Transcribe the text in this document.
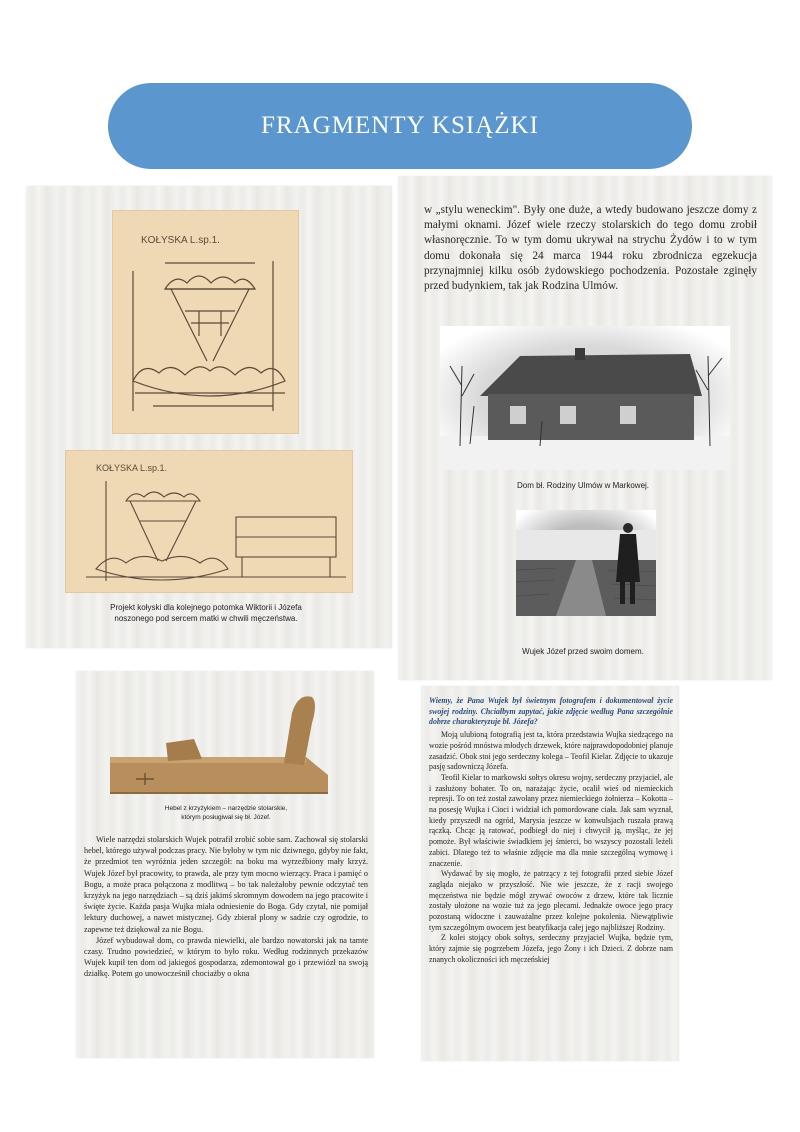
FRAGMENTY KSIĄŻKI
KOŁYSKA L.sp.1.
KOŁYSKA L.sp.1.
Projekt kołyski dla kolejnego potomka Wiktorii i Józefa
noszonego pod sercem matki w chwili męczeństwa.

w „stylu weneckim". Były one duże, a wtedy budowano jeszcze domy z małymi oknami. Józef wiele rzeczy stolarskich do tego domu zrobił własnoręcznie. To w tym domu ukrywał na strychu Żydów i to w tym domu dokonała się 24 marca 1944 roku zbrodnicza egzekucja przynajmniej kilku osób żydowskiego pochodzenia. Pozostałe zginęły przed budynkiem, tak jak Rodzina Ulmów.

Dom bł. Rodziny Ulmów w Markowej.
Wujek Józef przed swoim domem.
Hebel z krzyżykiem – narzędzie stolarskie,
którym posługiwał się bł. Józef.

Wiele narzędzi stolarskich Wujek potrafił zrobić sobie sam. Zachował się stolarski hebel, którego używał podczas pracy. Nie byłoby w tym nic dziwnego, gdyby nie fakt, że przedmiot ten wyróżnia jeden szczegół: na boku ma wyrzeźbiony mały krzyż. Wujek Józef był pracowity, to prawda, ale przy tym mocno wierzący. Praca i pamięć o Bogu, a może praca połączona z modlitwą – bo tak należałoby pewnie odczytać ten krzyżyk na jego narzędziach – są dziś jakimś skromnym dowodem na jego pracowite i święte życie. Każda pasja Wujka miała odniesienie do Boga. Gdy czytał, nie pomijał lektury duchowej, a nawet mistycznej. Gdy zbierał plony w sadzie czy ogrodzie, to zapewne też dziękował za nie Bogu.

Józef wybudował dom, co prawda niewielki, ale bardzo nowatorski jak na tamte czasy. Trudno powiedzieć, w którym to było roku. Według rodzinnych przekazów Wujek kupił ten dom od jakiegoś gospodarza, zdemontował go i przewiózł na swoją działkę. Potem go unowocześnił chociażby o okna

Wiemy, że Pana Wujek był świetnym fotografem i dokumentował życie swojej rodziny. Chciałbym zapytać, jakie zdjęcie według Pana szczególnie dobrze charakteryzuje bł. Józefa?

Moją ulubioną fotografią jest ta, która przedstawia Wujka siedzącego na wozie pośród mnóstwa młodych drzewek, które najprawdopodobniej planuje zasadzić. Obok stoi jego serdeczny kolega – Teofil Kielar. Zdjęcie to ukazuje pasję sadowniczą Józefa.

Teofil Kielar to markowski sołtys okresu wojny, serdeczny przyjaciel, ale i zasłużony bohater. To on, narażając życie, ocalił wieś od niemieckich represji. To on też został zawołany przez niemieckiego żołnierza – Kokotta – na posesję Wujka i Cioci i widział ich pomordowane ciała. Jak sam wyznał, kiedy przyszedł na ogród, Marysia jeszcze w konwulsjach ruszała prawą rączką. Chcąc ją ratować, podbiegł do niej i chwycił ją, myśląc, że jej pomoże. Był właściwie świadkiem jej śmierci, bo wszyscy pozostali leżeli zabici. Dlatego też to właśnie zdjęcie ma dla mnie szczególną wymowę i znaczenie.

Wydawać by się mogło, że patrzący z tej fotografii przed siebie Józef zagląda niejako w przyszłość. Nie wie jeszcze, że z racji swojego męczeństwa nie będzie mógł zrywać owoców z drzew, które tak licznie zostały ułożone na wozie tuż za jego plecami. Jednakże owoce jego pracy pozostaną widoczne i zauważalne przez kolejne pokolenia. Niewątpliwie tym szczególnym owocem jest beatyfikacja całej jego najbliższej Rodziny.

Z kolei stojący obok sołtys, serdeczny przyjaciel Wujka, będzie tym, który zajmie się pogrzebem Józefa, jego Żony i ich Dzieci. Z dobrze nam znanych okoliczności ich męczeńskiej
